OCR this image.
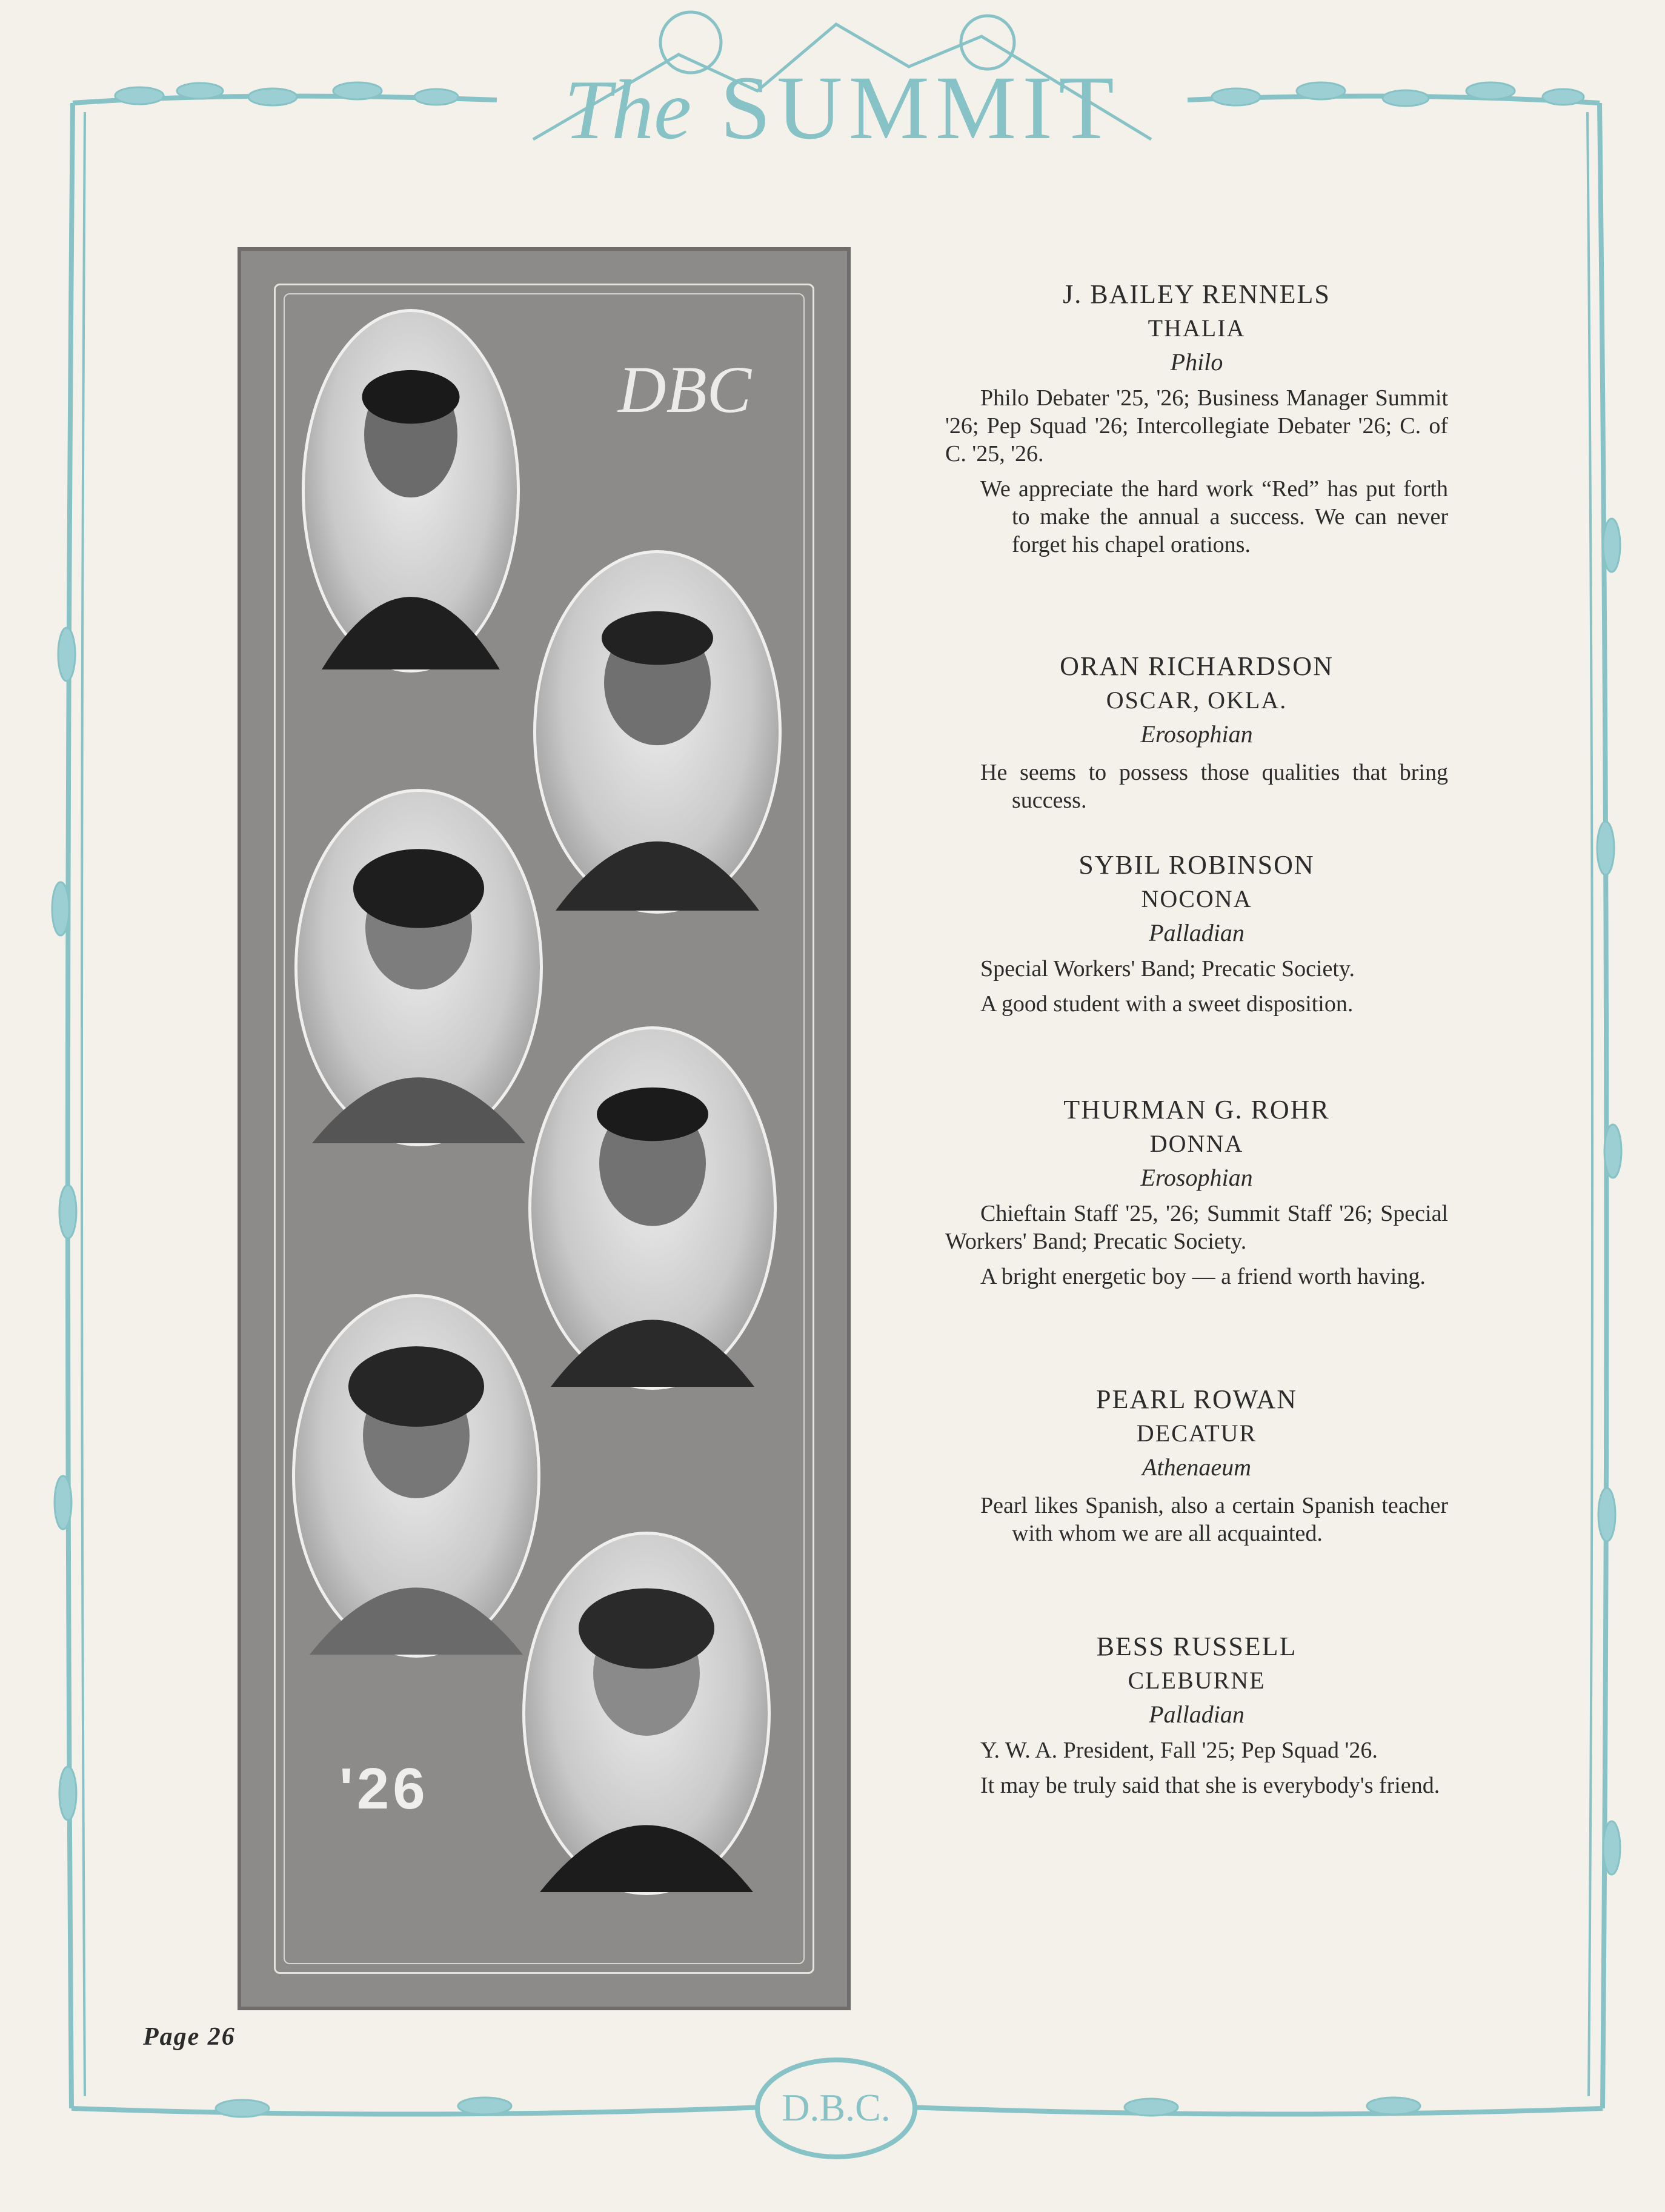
D.B.C.
The SUMMIT
DBC
'26

J. BAILEY RENNELS

THALIA

Philo

Philo Debater '25, '26; Business Manager Summit '26; Pep Squad '26; Intercollegiate Debater '26; C. of C. '25, '26.

We appreciate the hard work “Red” has put forth to make the annual a success. We can never forget his chapel orations.

ORAN RICHARDSON

OSCAR, OKLA.

Erosophian

He seems to possess those qualities that bring success.

SYBIL ROBINSON

NOCONA

Palladian

Special Workers' Band; Precatic Society.

A good student with a sweet disposition.

THURMAN G. ROHR

DONNA

Erosophian

Chieftain Staff '25, '26; Summit Staff '26; Special Workers' Band; Precatic Society.

A bright energetic boy — a friend worth having.

PEARL ROWAN

DECATUR

Athenaeum

Pearl likes Spanish, also a certain Spanish teacher with whom we are all acquainted.

BESS RUSSELL

CLEBURNE

Palladian

Y. W. A. President, Fall '25; Pep Squad '26.

It may be truly said that she is everybody's friend.

Page 26
